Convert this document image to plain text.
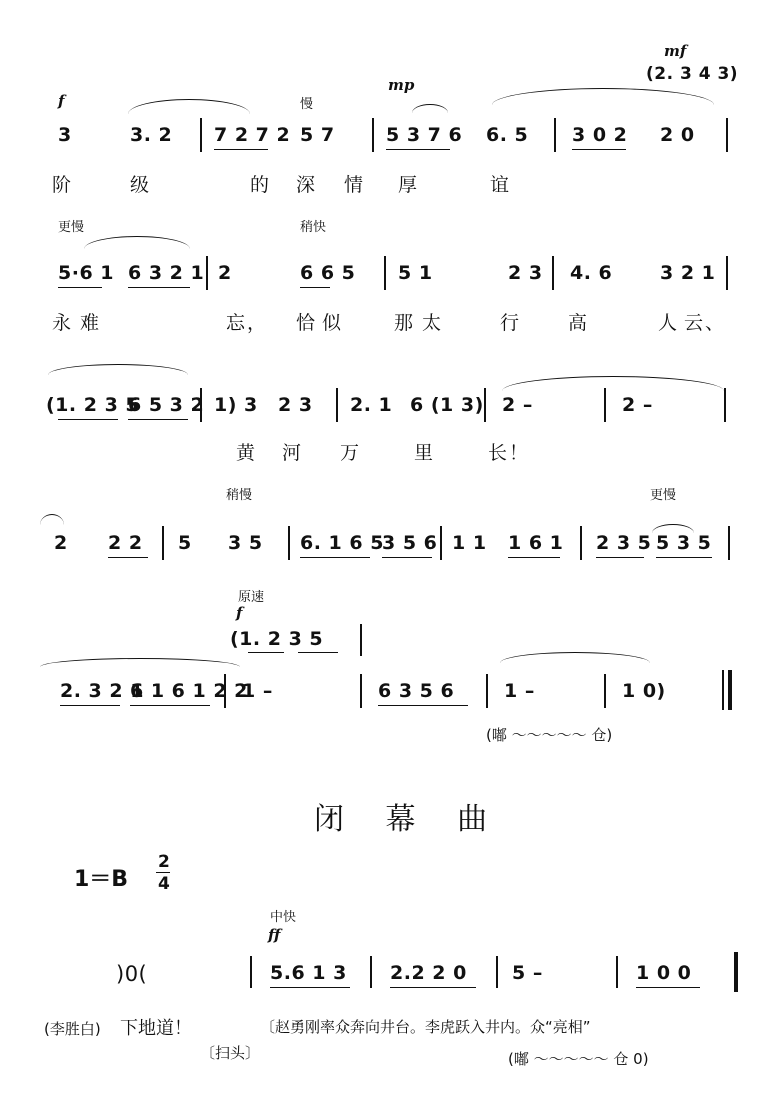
f	慢
mp
mf
(2. 3 4 3)
3	3. 2 7 2 7 2 5 7	5 3 7 6 6. 5 3 0 2 2 0
阶	级	的 深 情 厚	谊
更慢	稍快
5·6 1 6 3 2 1 2	6 6 5 5 1	2 3 4. 6	3 2 1
永 难	忘， 恰 似	那 太	行 高	人 云、
(1. 2 3 5
6 5 3 2 1) 3 2 3 2. 1 6 (1 3) 2 –	2 –
黄 河 万	里	长！
稍慢	更慢
2 2 2 5 3 5 6. 1 6 5
3 5 6 1 1 1 6 1 2 3 5 5 3 5
原速
f
(1. 2 3 5
2. 3 2 1
6 1 6 1 2 2
1 –	6 3 5 6	1 –	1 0)
(嘟 ～～～～～ 仓)
闭 幕 曲
1＝B
2
4
中快
ff
)0(	5.6 1 3 2.2 2 0 5 –	1 0 0
(李胜白) 下地道！	〔赵勇刚率众奔向井台。李虎跃入井内。众“亮相”
〔扫头〕	(嘟 ～～～～～ 仓 0)
